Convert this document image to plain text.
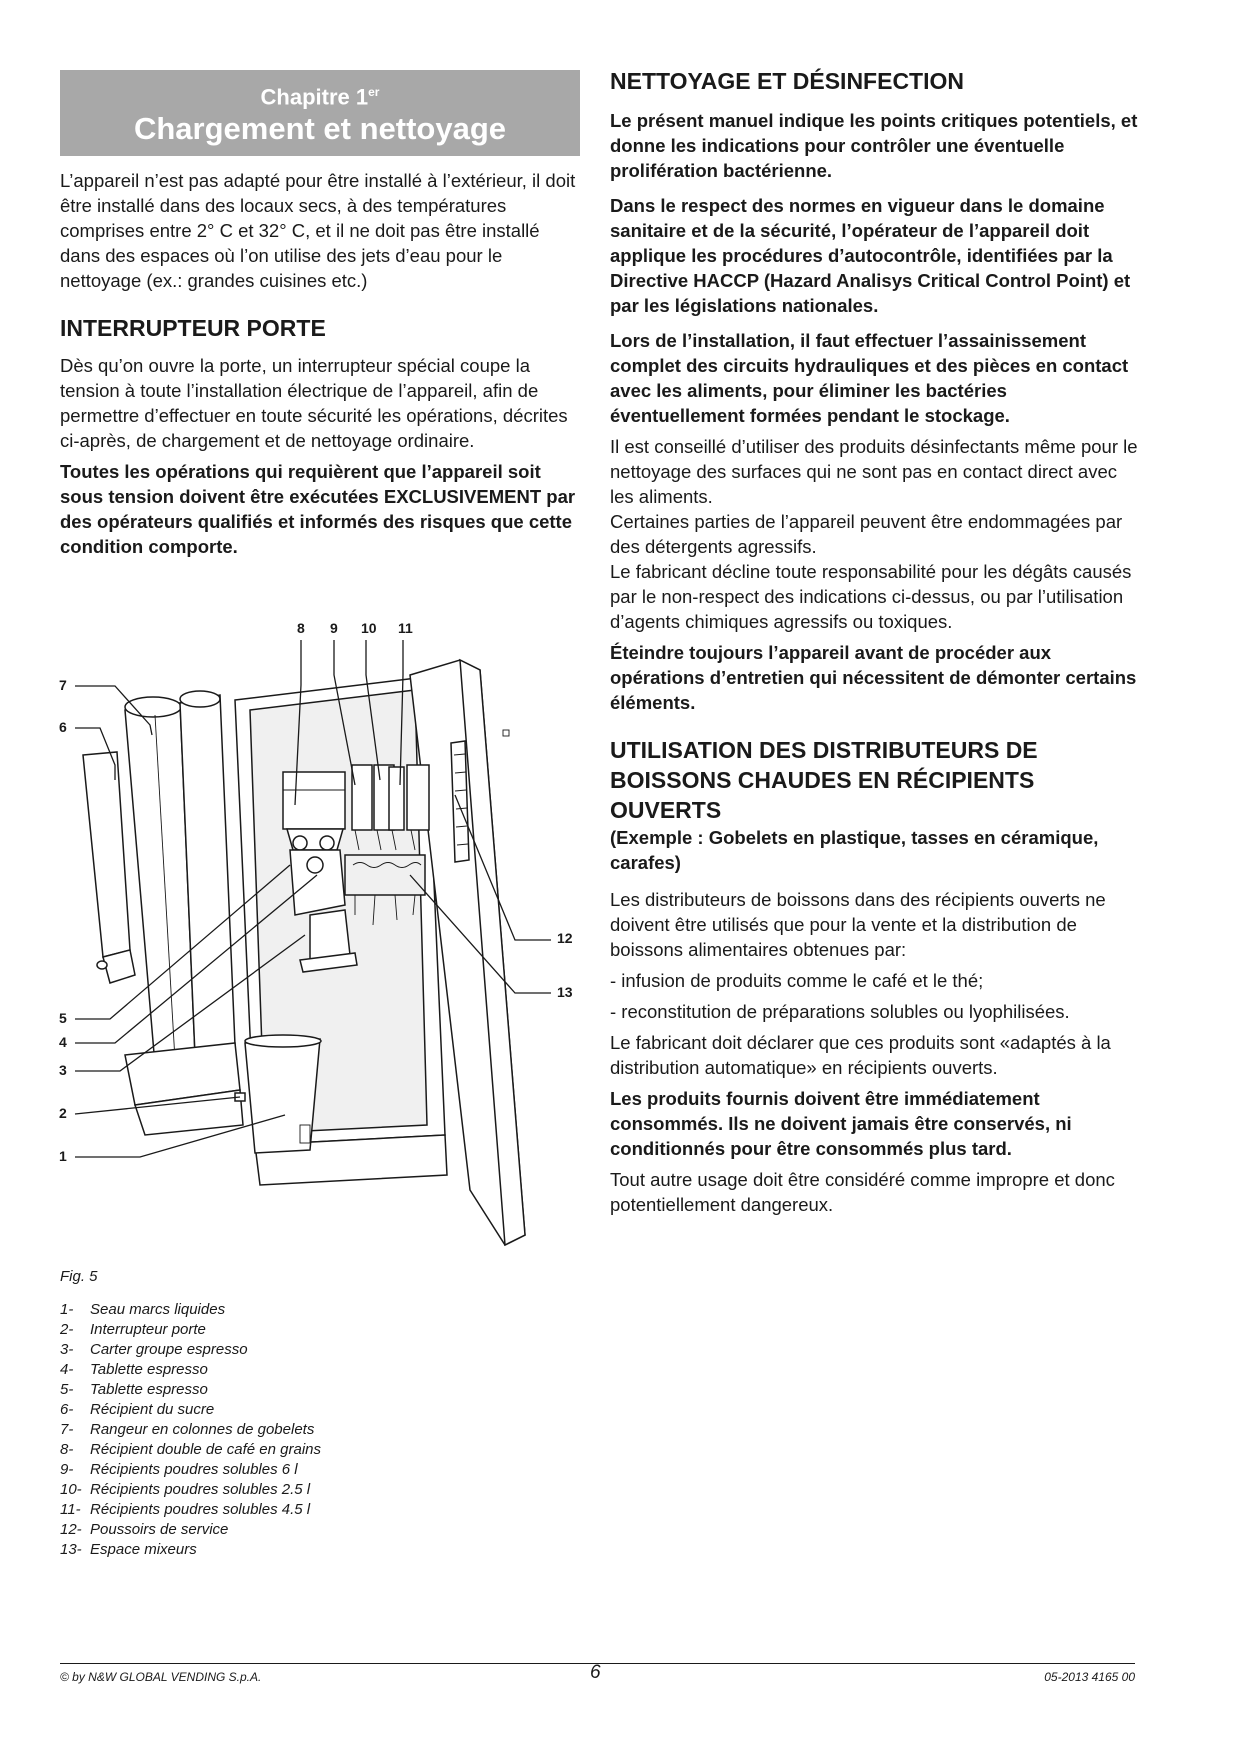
Chapitre 1er
Chargement et nettoyage

L’appareil n’est pas adapté pour être installé à l’extérieur, il doit être installé dans des locaux secs, à des températures comprises entre 2° C et 32° C, et il ne doit pas être installé dans des espaces où l’on utilise des jets d’eau pour le nettoyage (ex.: grandes cuisines etc.)

INTERRUPTEUR PORTE

Dès qu’on ouvre la porte, un interrupteur spécial coupe la tension à toute l’installation électrique de l’appareil, afin de permettre d’effectuer en toute sécurité les opérations, décrites ci-après, de chargement et de nettoyage ordinaire.

Toutes les opérations qui requièrent que l’appareil soit sous tension doivent être exécutées EXCLUSIVEMENT par des opérateurs qualifiés et informés des risques que cette condition comporte.

8 9 10 11
7
6
5
4
3
2
1
12
13
Fig. 5
1-	Seau marcs liquides
2-	Interrupteur porte
3-	Carter groupe espresso
4-	Tablette espresso
5-	Tablette espresso
6-	Récipient du sucre
7-	Rangeur en colonnes de gobelets
8-	Récipient double de café en grains
9-	Récipients poudres solubles 6 l
10- Récipients poudres solubles 2.5 l
11- Récipients poudres solubles 4.5 l
12- Poussoirs de service
13- Espace mixeurs
NETTOYAGE ET DÉSINFECTION

Le présent manuel indique les points critiques potentiels, et donne les indications pour contrôler une éventuelle prolifération bactérienne.

Dans le respect des normes en vigueur dans le domaine sanitaire et de la sécurité, l’opérateur de l’appareil doit applique les procédures d’autocontrôle, identifiées par la Directive HACCP (Hazard Analisys Critical Control Point) et par les législations nationales.

Lors de l’installation, il faut effectuer l’assainissement complet des circuits hydrauliques et des pièces en contact avec les aliments, pour éliminer les bactéries éventuellement formées pendant le stockage.

Il est conseillé d’utiliser des produits désinfectants même pour le nettoyage des surfaces qui ne sont pas en contact direct avec les aliments.

Certaines parties de l’appareil peuvent être endommagées par des détergents agressifs.

Le fabricant décline toute responsabilité pour les dégâts causés par le non-respect des indications ci-dessus, ou par l’utilisation d’agents chimiques agressifs ou toxiques.

Éteindre toujours l’appareil avant de procéder aux opérations d’entretien qui nécessitent de démonter certains éléments.

UTILISATION DES DISTRIBUTEURS DE BOISSONS CHAUDES EN RÉCIPIENTS OUVERTS

(Exemple : Gobelets en plastique, tasses en céramique, carafes)

Les distributeurs de boissons dans des récipients ouverts ne doivent être utilisés que pour la vente et la distribution de boissons alimentaires obtenues par:

- infusion de produits comme le café et le thé;

- reconstitution de préparations solubles ou lyophilisées.

Le fabricant doit déclarer que ces produits sont «adaptés à la distribution automatique» en récipients ouverts.

Les produits fournis doivent être immédiatement consommés. Ils ne doivent jamais être conservés, ni conditionnés pour être consommés plus tard.

Tout autre usage doit être considéré comme impropre et donc potentiellement dangereux.

© by N&W GLOBAL VENDING S.p.A.	6	05-2013 4165 00
